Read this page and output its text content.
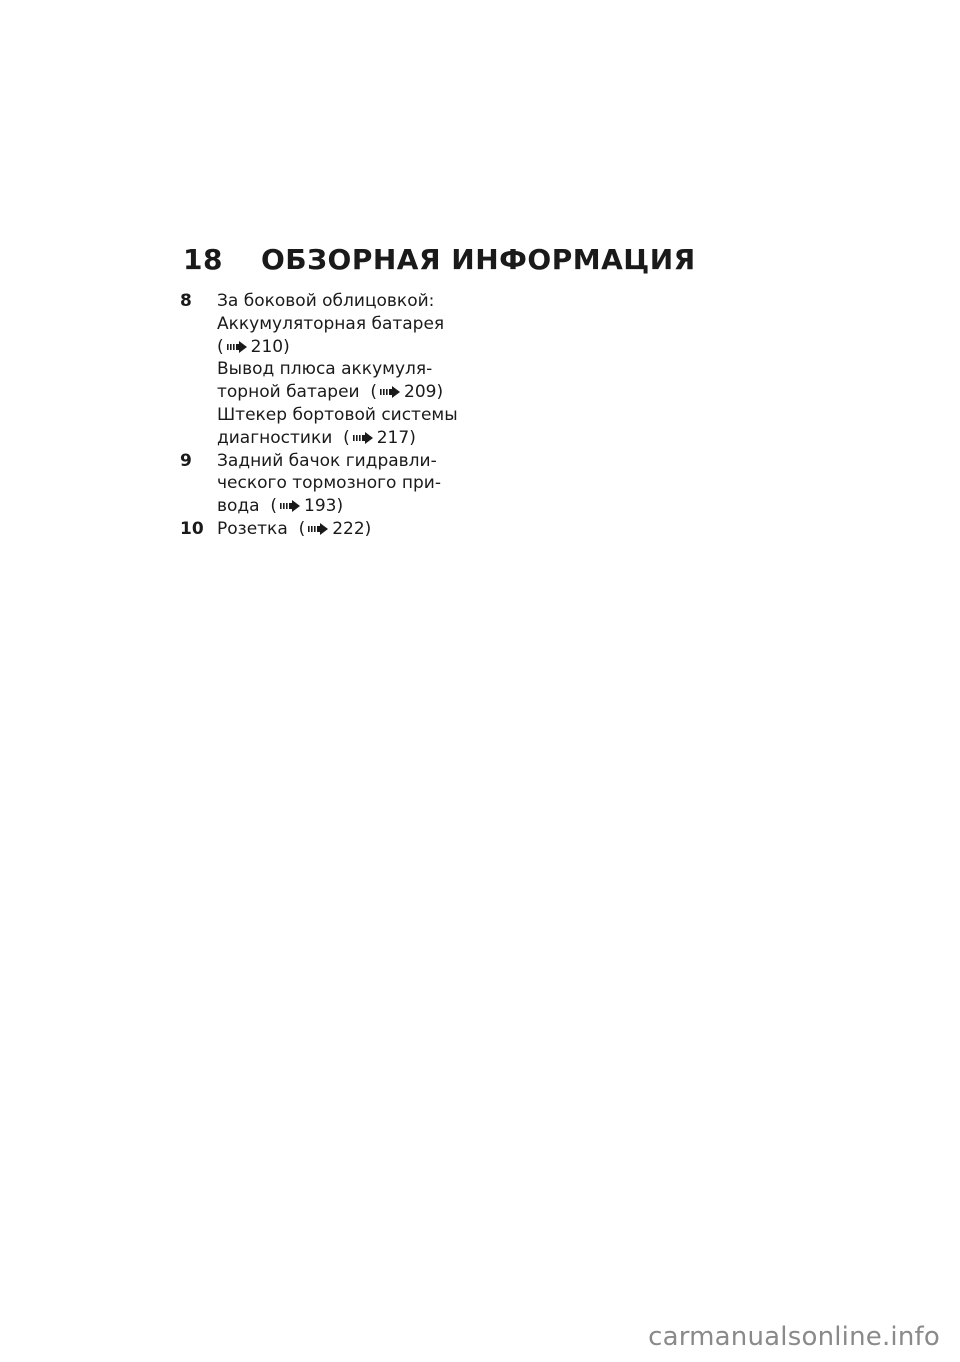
18	ОБЗОРНАЯ ИНФОРМАЦИЯ
8	За боковой облицовкой:
Аккумуляторная батарея
( 210)
Вывод плюса аккумуля-
торной батареи ( 209)
Штекер бортовой системы
диагностики ( 217)
9	Задний бачок гидравли-
ческого тормозного при-
вода ( 193)
10 Розетка ( 222)
carmanualsonline.info
